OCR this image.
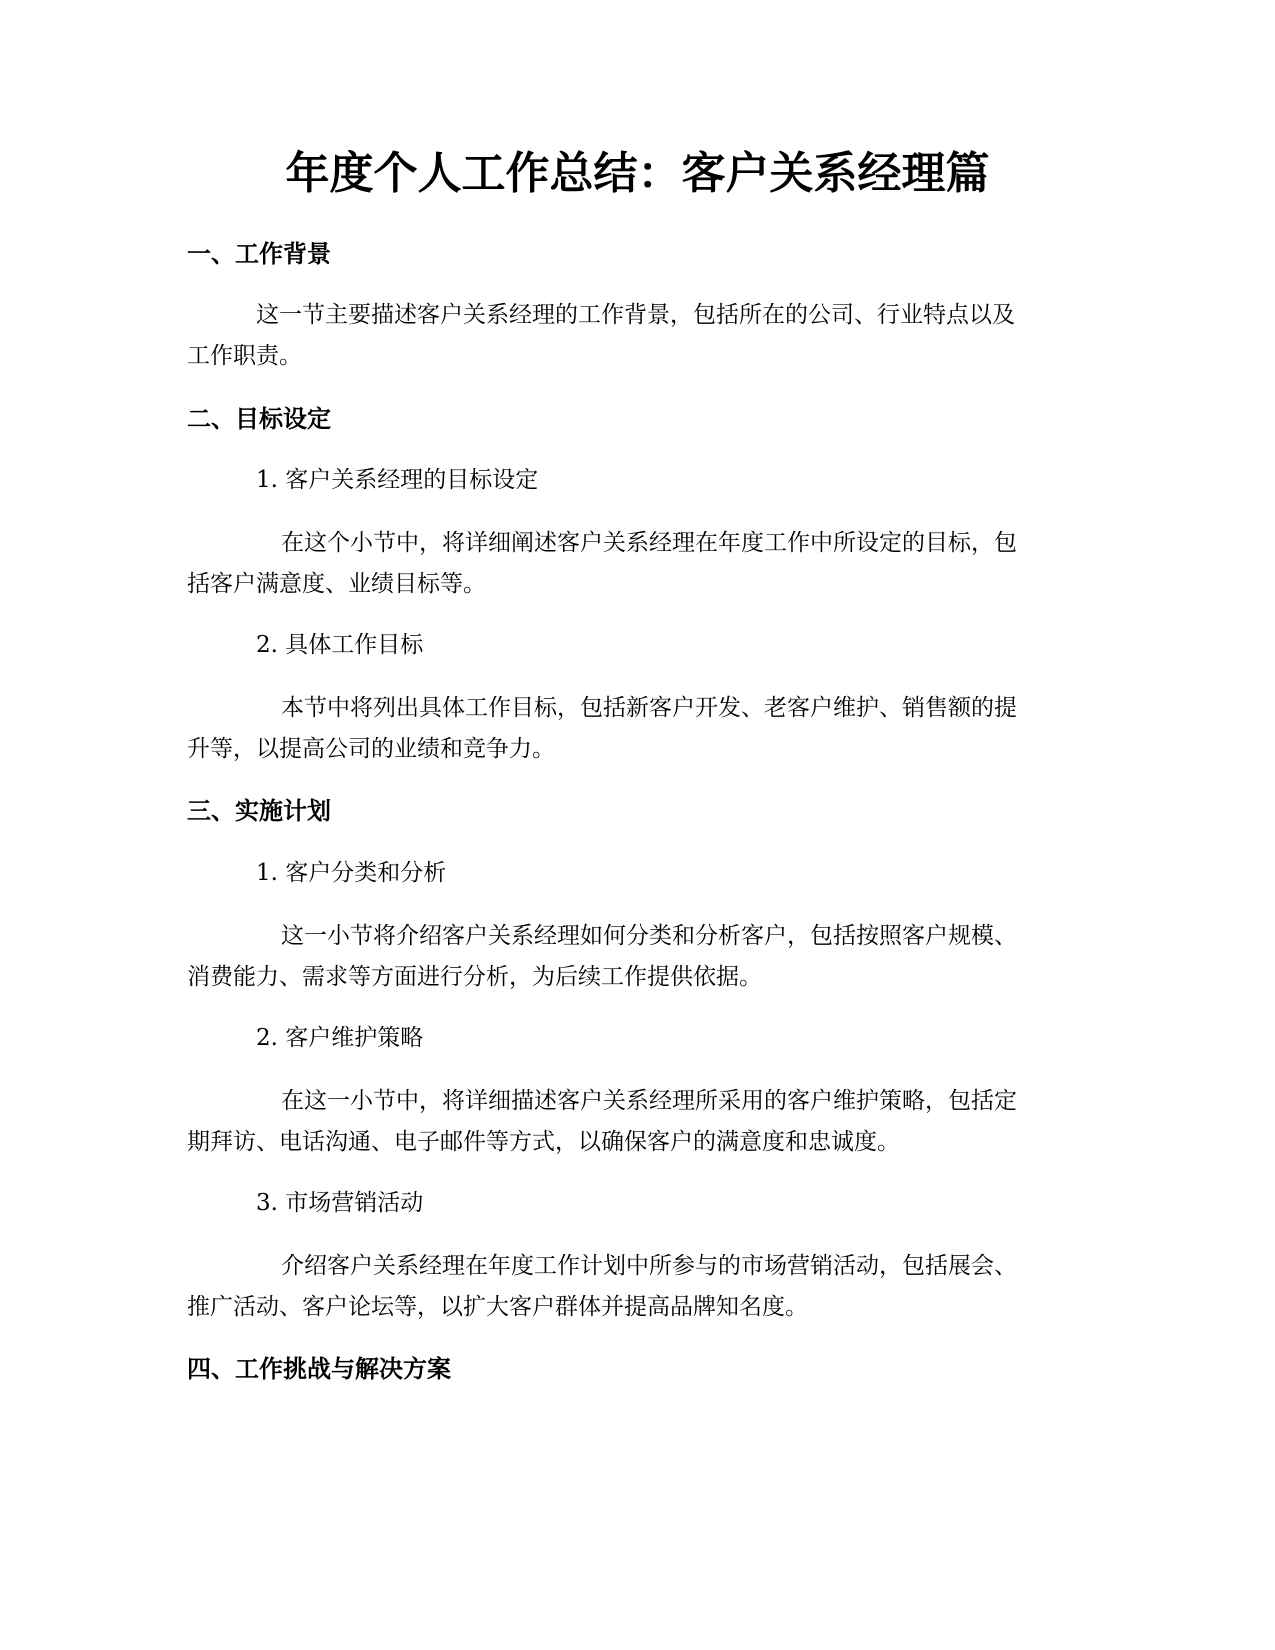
年度个人工作总结：客户关系经理篇
一、工作背景

这一节主要描述客户关系经理的工作背景，包括所在的公司、行业特点以及

工作职责。

二、目标设定

1. 客户关系经理的目标设定

在这个小节中，将详细阐述客户关系经理在年度工作中所设定的目标，包

括客户满意度、业绩目标等。

2. 具体工作目标

本节中将列出具体工作目标，包括新客户开发、老客户维护、销售额的提

升等，以提高公司的业绩和竞争力。

三、实施计划

1. 客户分类和分析

这一小节将介绍客户关系经理如何分类和分析客户，包括按照客户规模、

消费能力、需求等方面进行分析，为后续工作提供依据。

2. 客户维护策略

在这一小节中，将详细描述客户关系经理所采用的客户维护策略，包括定

期拜访、电话沟通、电子邮件等方式，以确保客户的满意度和忠诚度。

3. 市场营销活动

介绍客户关系经理在年度工作计划中所参与的市场营销活动，包括展会、

推广活动、客户论坛等，以扩大客户群体并提高品牌知名度。

四、工作挑战与解决方案
